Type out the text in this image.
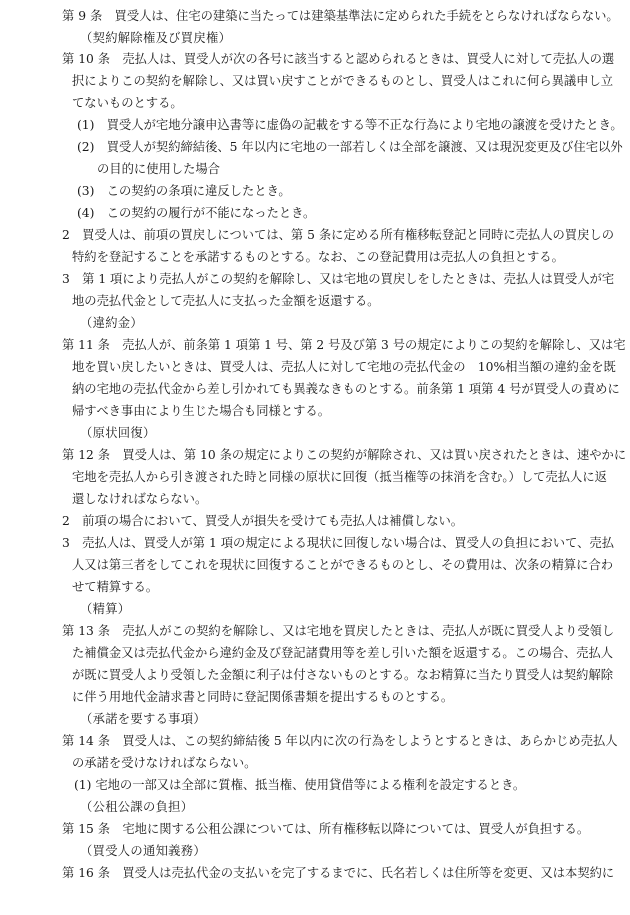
第 9 条　買受人は、住宅の建築に当たっては建築基準法に定められた手続をとらなければならない。

（契約解除権及び買戻権）

第 10 条　売払人は、買受人が次の各号に該当すると認められるときは、買受人に対して売払人の選

択によりこの契約を解除し、又は買い戻すことができるものとし、買受人はこれに何ら異議申し立

てないものとする。

(1)　買受人が宅地分譲申込書等に虚偽の記載をする等不正な行為により宅地の譲渡を受けたとき。

(2)　買受人が契約締結後、5 年以内に宅地の一部若しくは全部を譲渡、又は現況変更及び住宅以外

の目的に使用した場合

(3)　この契約の条項に違反したとき。

(4)　この契約の履行が不能になったとき。

2　買受人は、前項の買戻しについては、第 5 条に定める所有権移転登記と同時に売払人の買戻しの

特約を登記することを承諾するものとする。なお、この登記費用は売払人の負担とする。

3　第 1 項により売払人がこの契約を解除し、又は宅地の買戻しをしたときは、売払人は買受人が宅

地の売払代金として売払人に支払った金額を返還する。

（違約金）

第 11 条　売払人が、前条第 1 項第 1 号、第 2 号及び第 3 号の規定によりこの契約を解除し、又は宅

地を買い戻したいときは、買受人は、売払人に対して宅地の売払代金の　10%相当額の違約金を既

納の宅地の売払代金から差し引かれても異義なきものとする。前条第 1 項第 4 号が買受人の責めに

帰すべき事由により生じた場合も同様とする。

（原状回復）

第 12 条　買受人は、第 10 条の規定によりこの契約が解除され、又は買い戻されたときは、速やかに

宅地を売払人から引き渡された時と同様の原状に回復（抵当権等の抹消を含む。）して売払人に返

還しなければならない。

2　前項の場合において、買受人が損失を受けても売払人は補償しない。

3　売払人は、買受人が第 1 項の規定による現状に回復しない場合は、買受人の負担において、売払

人又は第三者をしてこれを現状に回復することができるものとし、その費用は、次条の精算に合わ

せて精算する。

（精算）

第 13 条　売払人がこの契約を解除し、又は宅地を買戻したときは、売払人が既に買受人より受領し

た補償金又は売払代金から違約金及び登記諸費用等を差し引いた額を返還する。この場合、売払人

が既に買受人より受領した金額に利子は付さないものとする。なお精算に当たり買受人は契約解除

に伴う用地代金請求書と同時に登記関係書類を提出するものとする。

（承諾を要する事項）

第 14 条　買受人は、この契約締結後 5 年以内に次の行為をしようとするときは、あらかじめ売払人

の承諾を受けなければならない。

(1) 宅地の一部又は全部に質権、抵当権、使用貸借等による権利を設定するとき。

（公租公課の負担）

第 15 条　宅地に関する公租公課については、所有権移転以降については、買受人が負担する。

（買受人の通知義務）

第 16 条　買受人は売払代金の支払いを完了するまでに、氏名若しくは住所等を変更、又は本契約に
